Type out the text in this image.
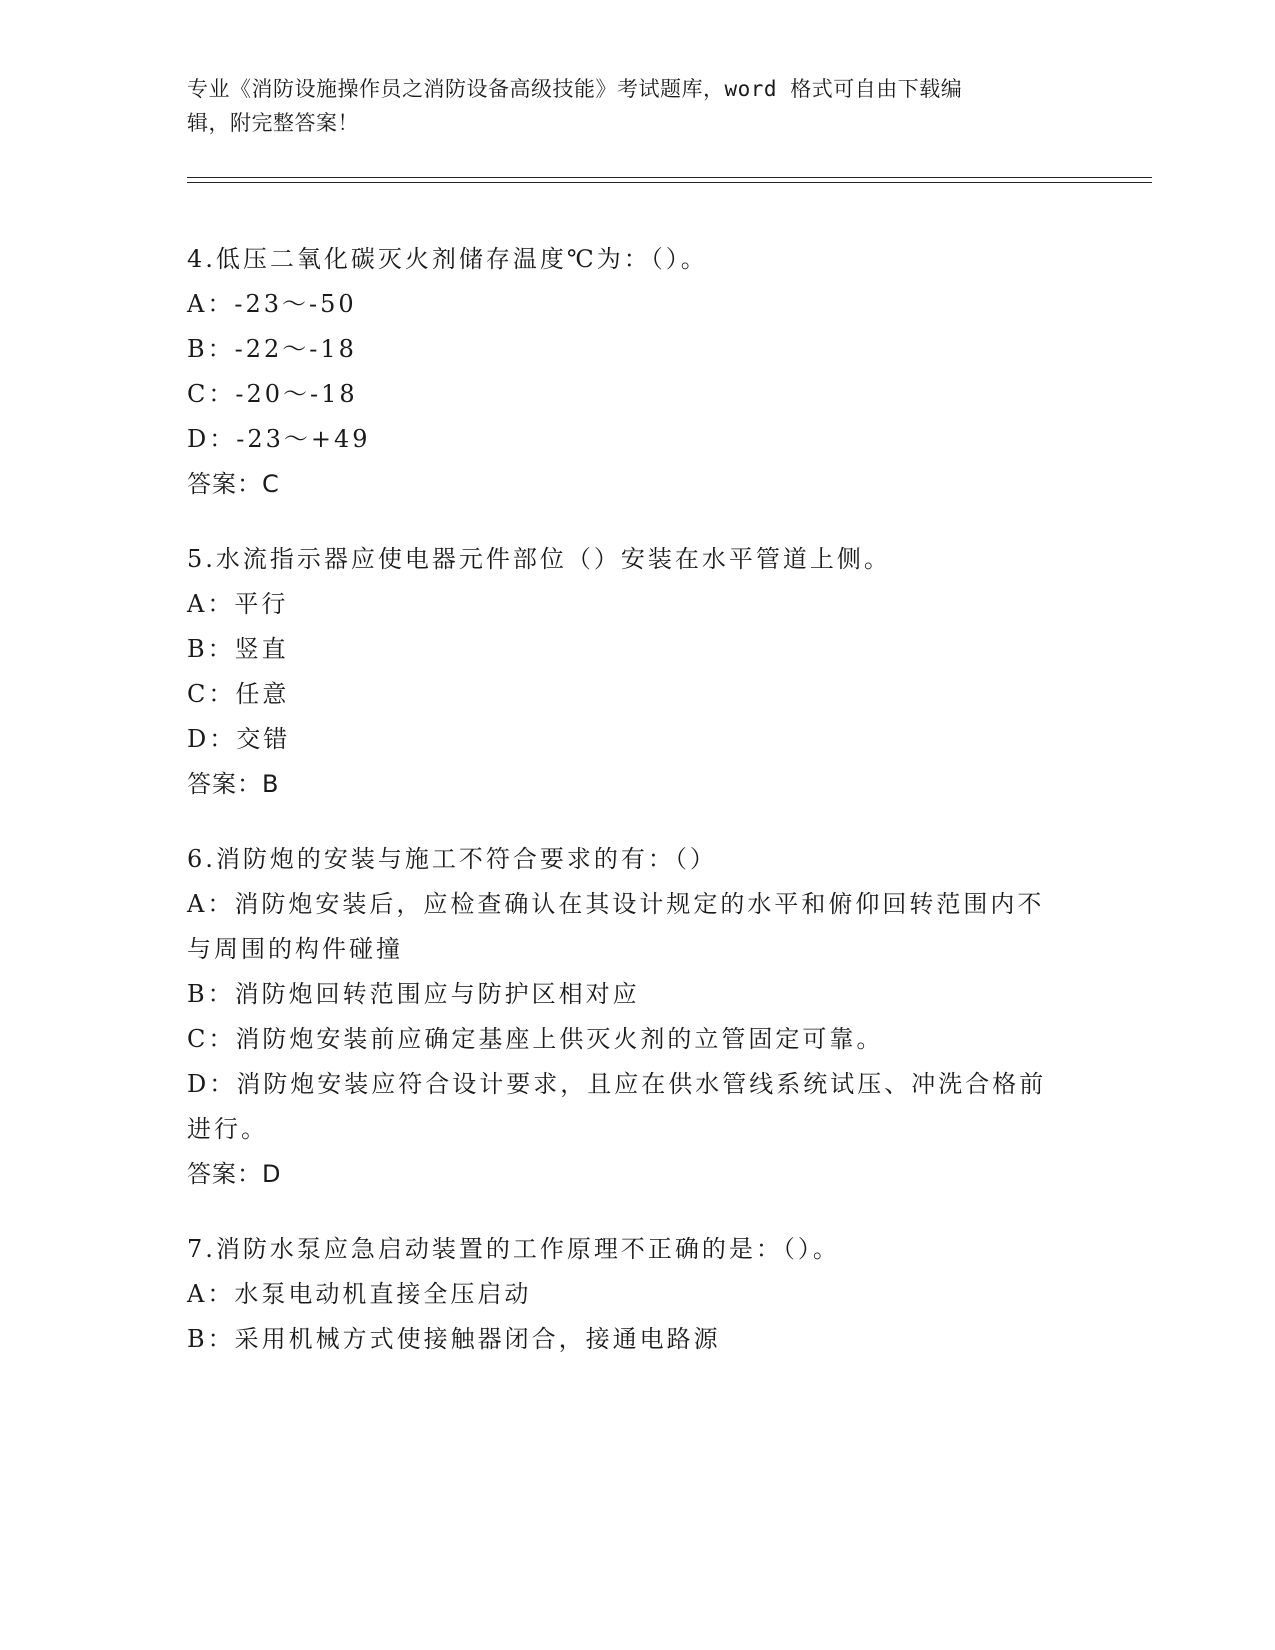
专业《消防设施操作员之消防设备高级技能》考试题库，word 格式可自由下载编
辑，附完整答案！
4.低压二氧化碳灭火剂储存温度℃为：（）。
A：-23～-50
B：-22～-18
C：-20～-18
D：-23～+49
答案：C
5.水流指示器应使电器元件部位（）安装在水平管道上侧。
A：平行
B：竖直
C：任意
D：交错
答案：B
6.消防炮的安装与施工不符合要求的有：（）
A：消防炮安装后，应检查确认在其设计规定的水平和俯仰回转范围内不与周围的构件碰撞
B：消防炮回转范围应与防护区相对应
C：消防炮安装前应确定基座上供灭火剂的立管固定可靠。
D：消防炮安装应符合设计要求，且应在供水管线系统试压、冲洗合格前进行。
答案：D
7.消防水泵应急启动装置的工作原理不正确的是：（）。
A：水泵电动机直接全压启动
B：采用机械方式使接触器闭合，接通电路源
